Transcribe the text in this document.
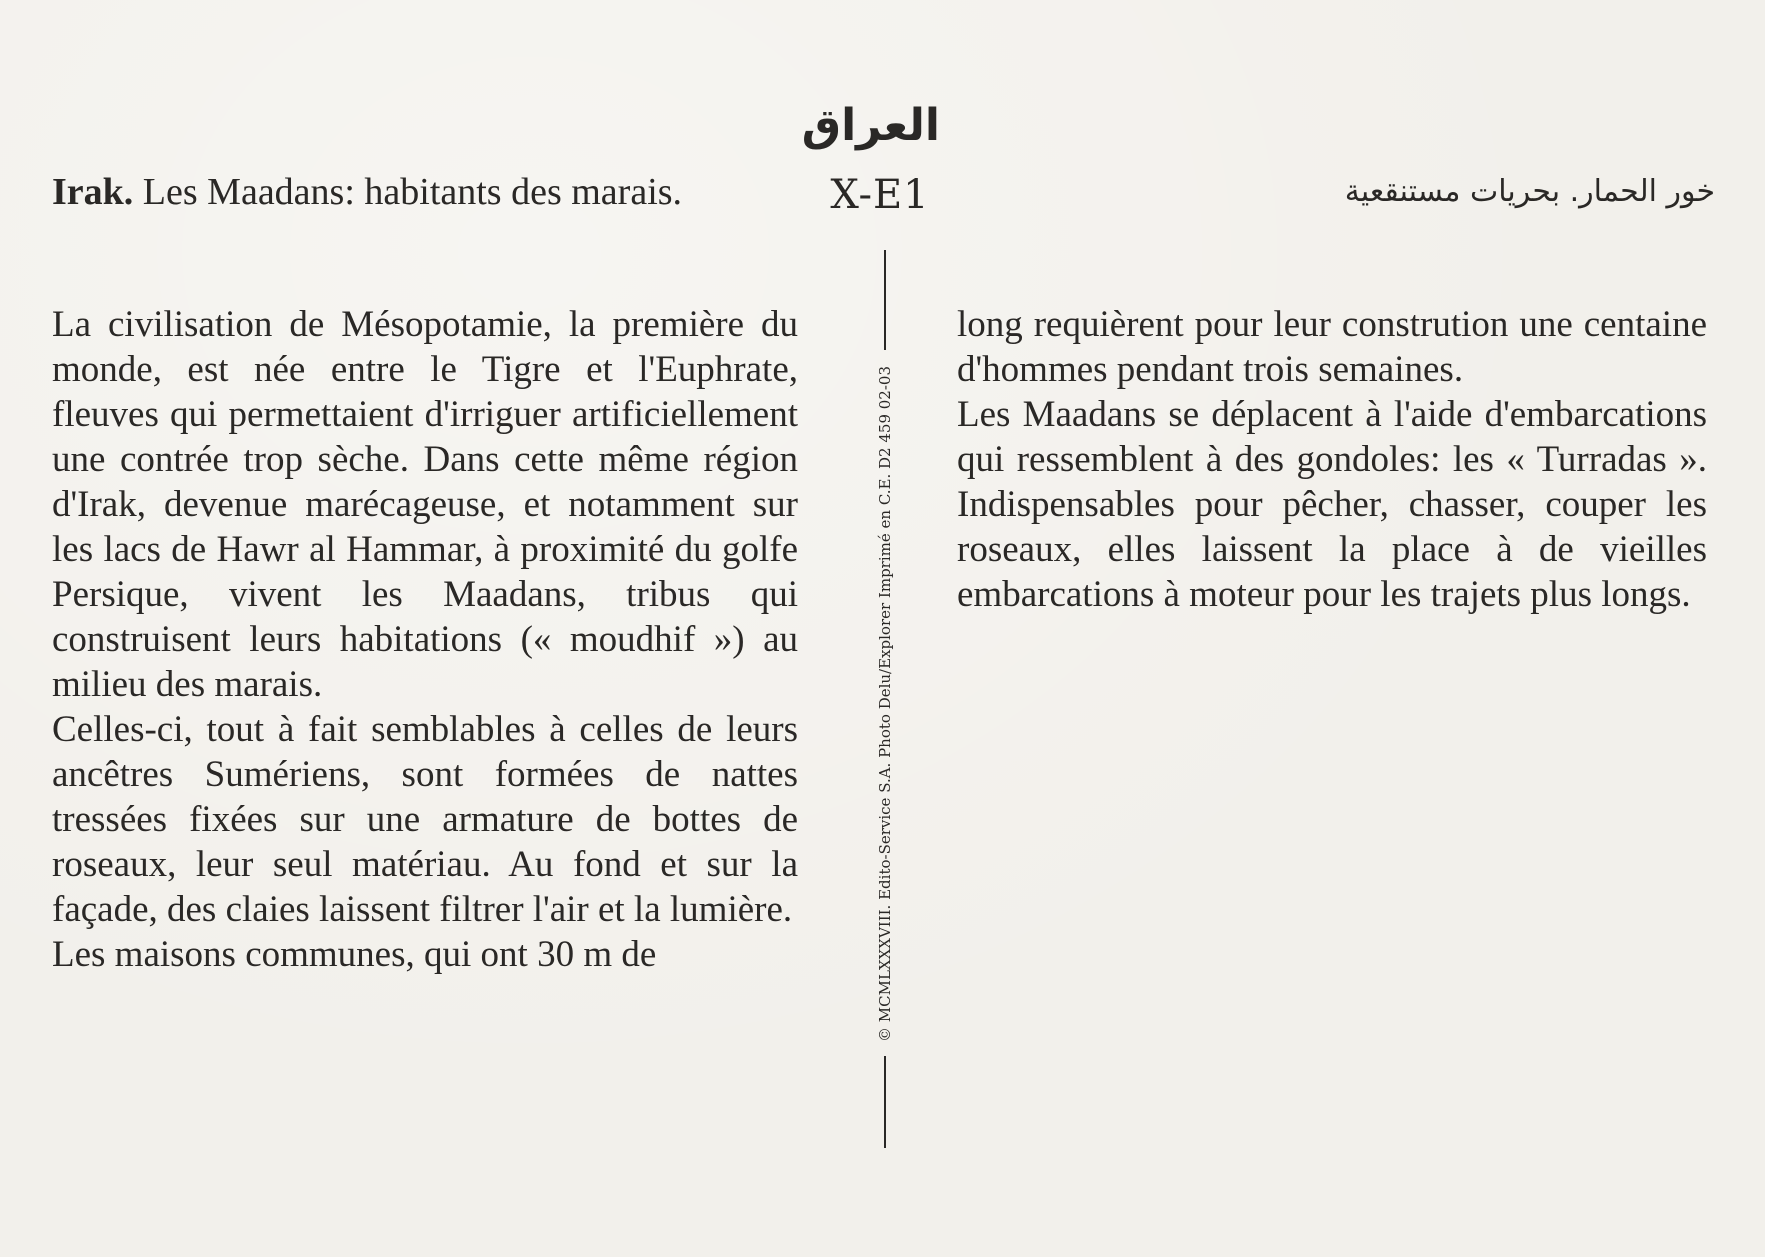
Irak. Les Maadans: habitants des marais.
العراق
X-E1	خور الحمار. بحريات مستنقعية

La civilisation de Mésopotamie, la première du monde, est née entre le Tigre et l'Euphrate, fleuves qui permettaient d'irriguer artificiellement une contrée trop sèche. Dans cette même région d'Irak, devenue marécageuse, et notamment sur les lacs de Hawr al Hammar, à proximité du golfe Persique, vivent les Maadans, tribus qui construisent leurs habitations (« moudhif ») au milieu des marais.

Celles-ci, tout à fait semblables à celles de leurs ancêtres Sumériens, sont formées de nattes tressées fixées sur une armature de bottes de roseaux, leur seul matériau. Au fond et sur la façade, des claies laissent filtrer l'air et la lumière.

Les maisons communes, qui ont 30 m de	© MCMLXXXVIII. Edito-Service S.A. Photo Delu/Explorer Imprimé en C.E. D2 459 02-03

long requièrent pour leur constrution une centaine d'hommes pendant trois semaines.

Les Maadans se déplacent à l'aide d'embarcations qui ressemblent à des gondoles: les « Turradas ». Indispensables pour pêcher, chasser, couper les roseaux, elles laissent la place à de vieilles embarcations à moteur pour les trajets plus longs.
